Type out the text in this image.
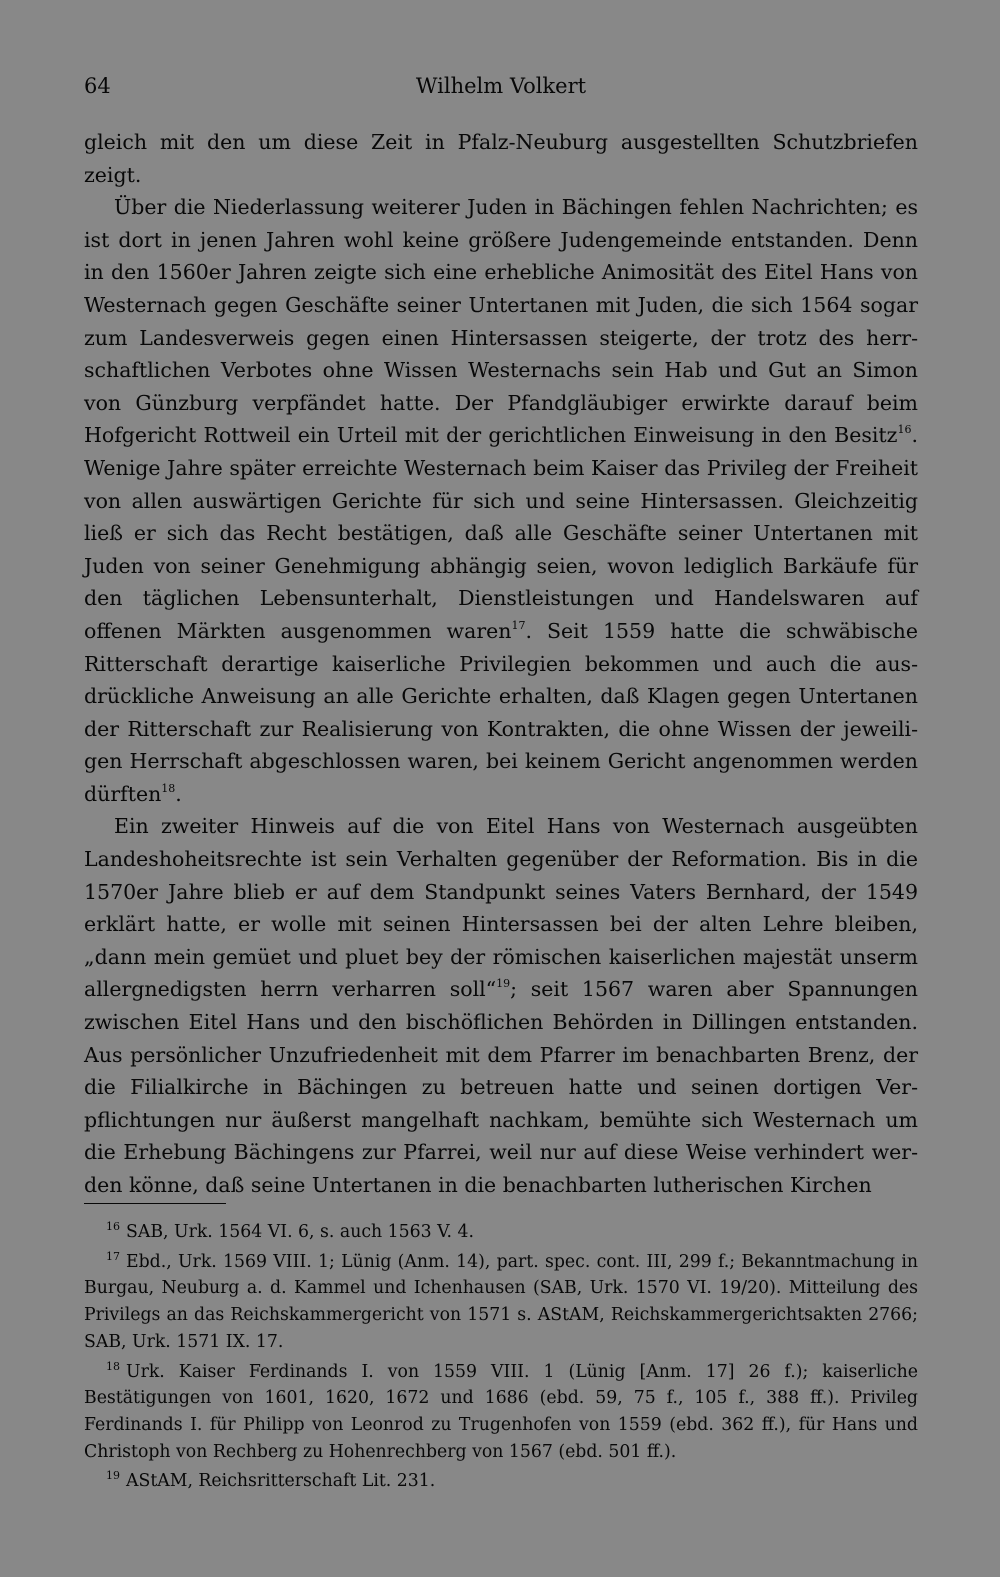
64	Wilhelm Volkert

gleich mit den um diese Zeit in Pfalz-Neuburg ausgestellten Schutzbriefen zeigt.

Über die Niederlassung weiterer Juden in Bächingen fehlen Nachrichten; es ist dort in jenen Jahren wohl keine größere Judengemeinde entstanden. Denn in den 1560er Jahren zeigte sich eine erhebliche Animosität des Eitel Hans von Westernach gegen Geschäfte seiner Untertanen mit Juden, die sich 1564 sogar zum Landesverweis gegen einen Hintersassen steigerte, der trotz des herrschaftlichen Verbotes ohne Wissen Westernachs sein Hab und Gut an Simon von Günzburg verpfändet hatte. Der Pfandgläubiger erwirkte darauf beim Hofgericht Rottweil ein Urteil mit der gerichtlichen Einweisung in den Besitz$^{16}$. Wenige Jahre später erreichte Westernach beim Kaiser das Privileg der Freiheit von allen auswärtigen Gerichte für sich und seine Hintersassen. Gleichzeitig ließ er sich das Recht bestätigen, daß alle Geschäfte seiner Untertanen mit Juden von seiner Genehmigung abhängig seien, wovon lediglich Barkäufe für den täglichen Lebensunterhalt, Dienstleistungen und Handelswaren auf offenen Märkten ausgenommen waren$^{17}$. Seit 1559 hatte die schwäbische Ritterschaft derartige kaiserliche Privilegien bekommen und auch die ausdrückliche Anweisung an alle Gerichte erhalten, daß Klagen gegen Untertanen der Ritterschaft zur Realisierung von Kontrakten, die ohne Wissen der jeweiligen Herrschaft abgeschlossen waren, bei keinem Gericht angenommen werden dürften$^{18}$.

Ein zweiter Hinweis auf die von Eitel Hans von Westernach ausgeübten Landeshoheitsrechte ist sein Verhalten gegenüber der Reformation. Bis in die 1570er Jahre blieb er auf dem Standpunkt seines Vaters Bernhard, der 1549 erklärt hatte, er wolle mit seinen Hintersassen bei der alten Lehre bleiben, „dann mein gemüet und pluet bey der römischen kaiserlichen majestät unserm allergnedigsten herrn verharren soll“$^{19}$; seit 1567 waren aber Spannungen zwischen Eitel Hans und den bischöflichen Behörden in Dillingen entstanden. Aus persönlicher Unzufriedenheit mit dem Pfarrer im benachbarten Brenz, der die Filialkirche in Bächingen zu betreuen hatte und seinen dortigen Verpflichtungen nur äußerst mangelhaft nachkam, bemühte sich Westernach um die Erhebung Bächingens zur Pfarrei, weil nur auf diese Weise verhindert werden könne, daß seine Untertanen in die benachbarten lutherischen Kirchen

$^{16}$ SAB, Urk. 1564 VI. 6, s. auch 1563 V. 4.

$^{17}$ Ebd., Urk. 1569 VIII. 1; Lünig (Anm. 14), part. spec. cont. III, 299 f.; Bekanntmachung in Burgau, Neuburg a. d. Kammel und Ichenhausen (SAB, Urk. 1570 VI. 19/20). Mitteilung des Privilegs an das Reichskammergericht von 1571 s. AStAM, Reichskammergerichtsakten 2766; SAB, Urk. 1571 IX. 17.

$^{18}$ Urk. Kaiser Ferdinands I. von 1559 VIII. 1 (Lünig [Anm. 17] 26 f.); kaiserliche Bestätigungen von 1601, 1620, 1672 und 1686 (ebd. 59, 75 f., 105 f., 388 ff.). Privileg Ferdinands I. für Philipp von Leonrod zu Trugenhofen von 1559 (ebd. 362 ff.), für Hans und Christoph von Rechberg zu Hohenrechberg von 1567 (ebd. 501 ff.).

$^{19}$ AStAM, Reichsritterschaft Lit. 231.
